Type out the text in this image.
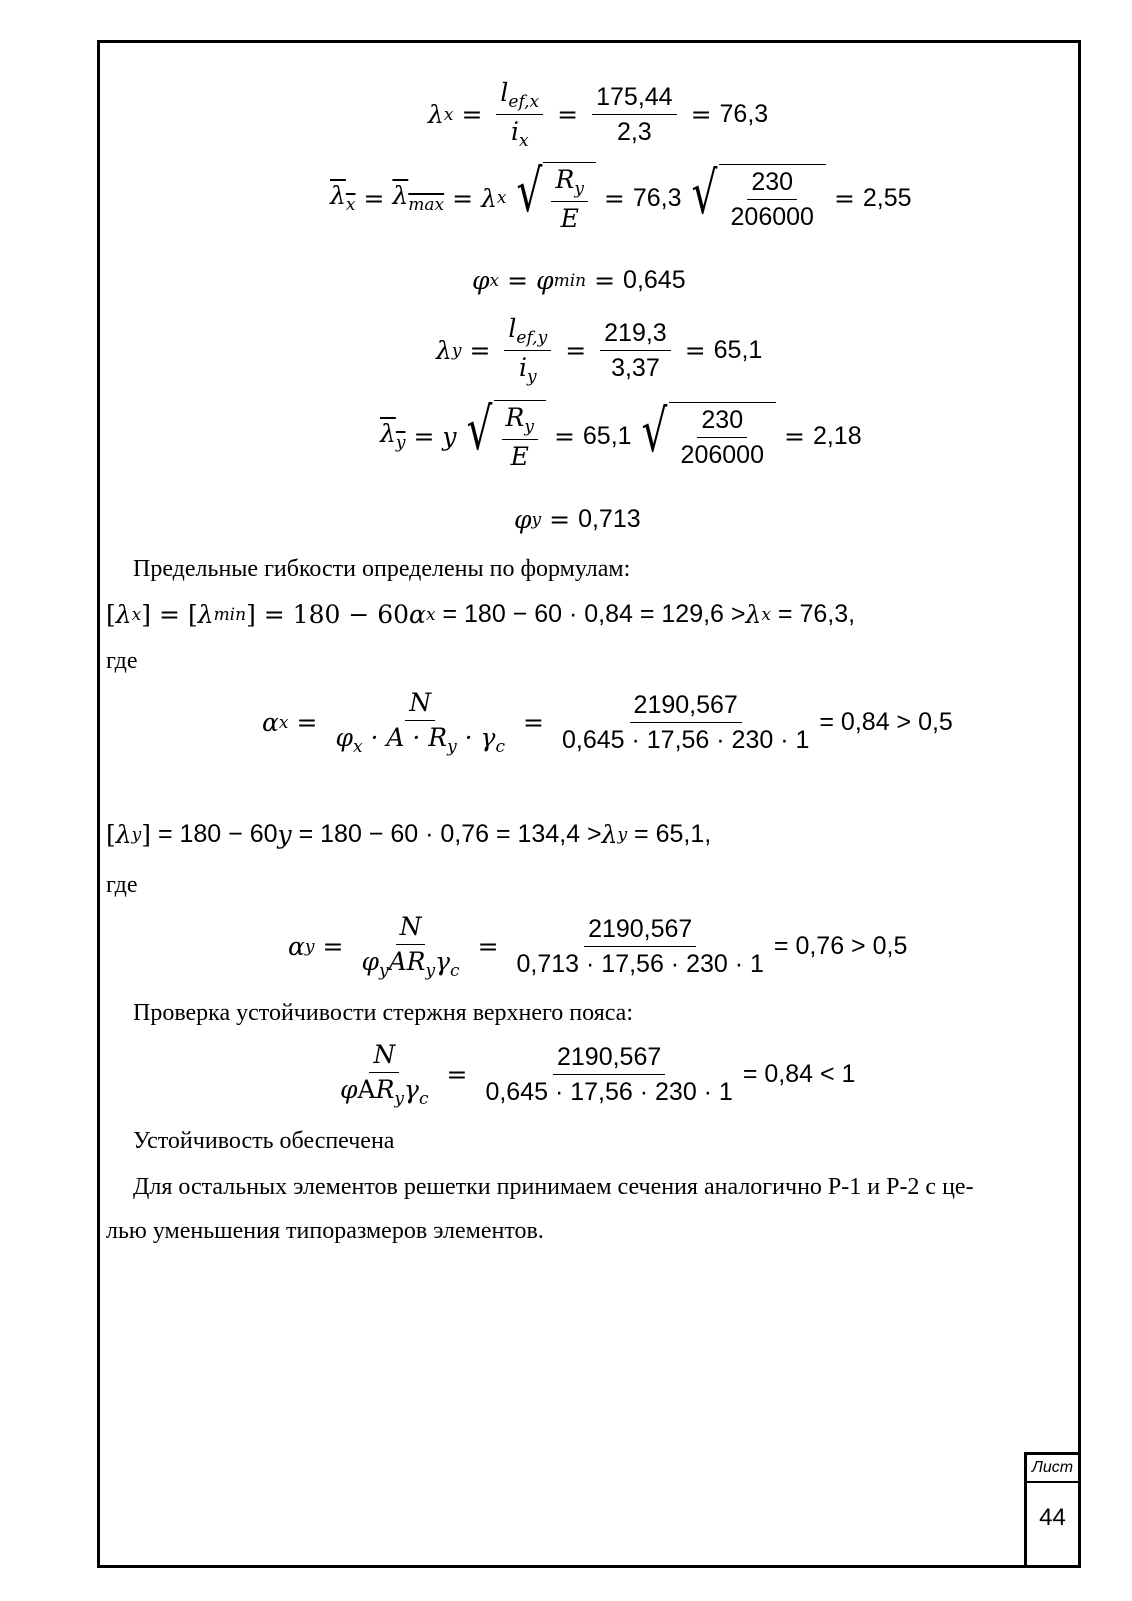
λ $x = \frac{l_{ef,x}}{i_x} = \frac{175,44}{2,3} = 76,3$
$\lambda_x = \lambda_{max} = \lambda$ x √ $\frac{R_y}{E} = 76,3$ √ $\frac{230}{206000} = 2,55$
φ x = φ min = 0,645
λ $y = \frac{l_{ef,y}}{i_y} = \frac{219,3}{3,37} = 65,1$
$\lambda_y = y$ √ $\frac{R_y}{E} = 65,1$ √ $\frac{230}{206000} = 2,18$
φ y = 0,713
Предельные гибкости определены по формулам:
[ λ x ] = [ λ min ] = 180 − 60 α x = 180 − 60 · 0,84 = 129,6 > λ x = 76,3,
где
α $x = \frac{N}{\varphi_x \cdot A \cdot R_y \cdot \gamma_c} = \frac{2190,567}{0,645 \cdot 17,56 \cdot 230 \cdot 1} = 0,84 > 0,5$
[ λ y ] = 180 − 60 y = 180 − 60 · 0,76 = 134,4 > λ y = 65,1,
где
α $y = \frac{N}{\varphi_yAR_y\gamma_c} = \frac{2190,567}{0,713 \cdot 17,56 \cdot 230 \cdot 1} = 0,76 > 0,5$
Проверка устойчивости стержня верхнего пояса:
$\frac{N}{\varphi AR_y\gamma_c} = \frac{2190,567}{0,645 \cdot 17,56 \cdot 230 \cdot 1} = 0,84 < 1$
Устойчивость обеспечена
Для остальных элементов решетки принимаем сечения аналогично Р-1 и Р-2 с це-
лью уменьшения типоразмеров элементов.
Лист
44
